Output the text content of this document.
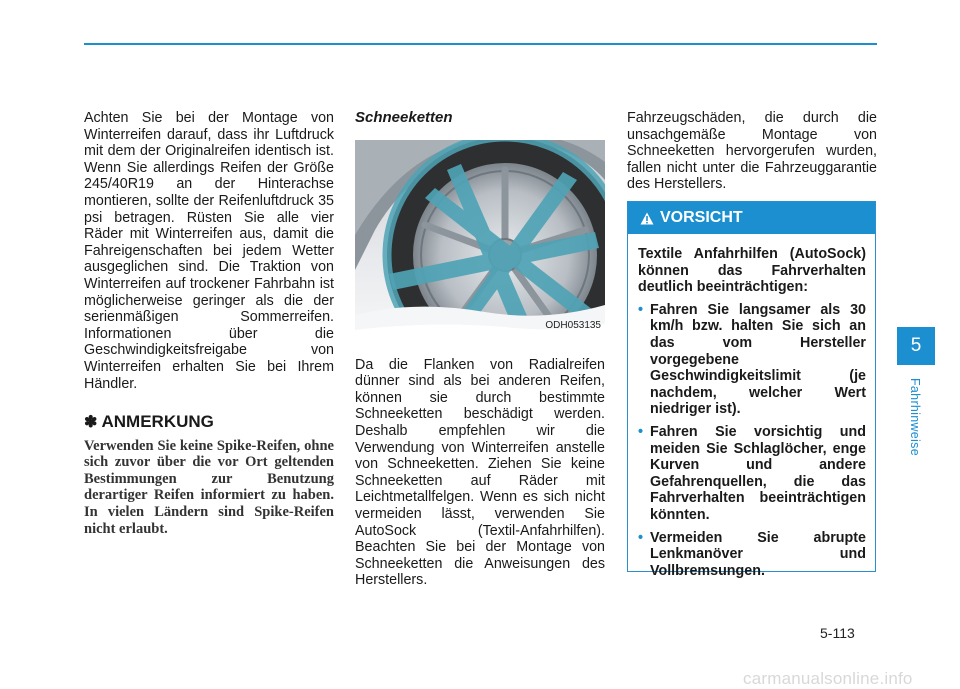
Achten Sie bei der Montage von Winterreifen darauf, dass ihr Luftdruck mit dem der Originalreifen identisch ist. Wenn Sie allerdings Reifen der Größe 245/40R19 an der Hinterachse montieren, sollte der Reifenluftdruck 35 psi betragen. Rüsten Sie alle vier Räder mit Winterreifen aus, damit die Fahreigenschaften bei jedem Wetter ausgeglichen sind. Die Traktion von Winterreifen auf trockener Fahrbahn ist möglicherweise geringer als die der serienmäßigen Sommerreifen. Informationen über die Geschwindigkeitsfreigabe von Winterreifen erhalten Sie bei Ihrem Händler.

✽ ANMERKUNG

Verwenden Sie keine Spike-Reifen, ohne sich zuvor über die vor Ort geltenden Bestimmungen zur Benutzung derartiger Reifen informiert zu haben. In vielen Ländern sind Spike-Reifen nicht erlaubt.

Schneeketten

ODH053135

Da die Flanken von Radialreifen dünner sind als bei anderen Reifen, können sie durch bestimmte Schneeketten beschädigt werden. Deshalb empfehlen wir die Verwendung von Winterreifen anstelle von Schneeketten. Ziehen Sie keine Schneeketten auf Räder mit Leichtmetallfelgen. Wenn es sich nicht vermeiden lässt, verwenden Sie AutoSock (Textil-Anfahrhilfen). Beachten Sie bei der Montage von Schneeketten die Anweisungen des Herstellers.

Fahrzeugschäden, die durch die unsachgemäße Montage von Schneeketten hervorgerufen wurden, fallen nicht unter die Fahrzeuggarantie des Herstellers.

VORSICHT

Textile Anfahrhilfen (AutoSock) können das Fahrverhalten deutlich beeinträchtigen:

• Fahren Sie langsamer als 30 km/h bzw. halten Sie sich an das vom Hersteller vorgegebene Geschwindigkeitslimit (je nachdem, welcher Wert niedriger ist).
• Fahren Sie vorsichtig und meiden Sie Schlaglöcher, enge Kurven und andere Gefahrenquellen, die das Fahrverhalten beeinträchtigen könnten.
• Vermeiden Sie abrupte Lenkmanöver und Vollbremsungen.
5
Fahrhinweise
5-113
carmanualsonline.info
